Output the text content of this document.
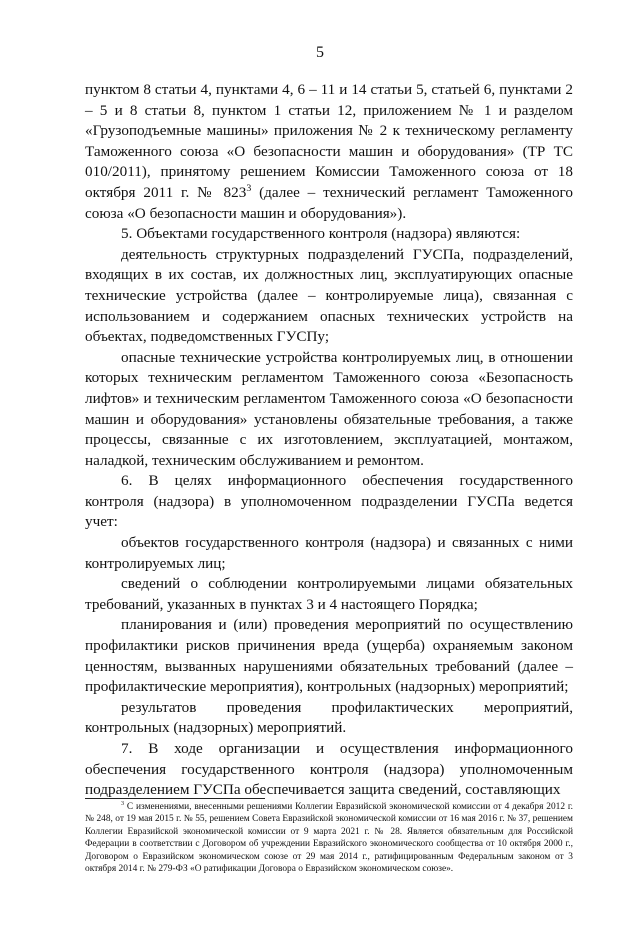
5

пунктом 8 статьи 4, пунктами 4, 6 – 11 и 14 статьи 5, статьей 6, пунктами 2 – 5 и 8 статьи 8, пунктом 1 статьи 12, приложением № 1 и разделом «Грузоподъемные машины» приложения № 2 к техническому регламенту Таможенного союза «О безопасности машин и оборудования» (ТР ТС 010/2011), принятому решением Комиссии Таможенного союза от 18 октября 2011 г. № $823^3$ (далее – технический регламент Таможенного союза «О безопасности машин и оборудования»).

5. Объектами государственного контроля (надзора) являются:

деятельность структурных подразделений ГУСПа, подразделений, входящих в их состав, их должностных лиц, эксплуатирующих опасные технические устройства (далее – контролируемые лица), связанная с использованием и содержанием опасных технических устройств на объектах, подведомственных ГУСПу;

опасные технические устройства контролируемых лиц, в отношении которых техническим регламентом Таможенного союза «Безопасность лифтов» и техническим регламентом Таможенного союза «О безопасности машин и оборудования» установлены обязательные требования, а также процессы, связанные с их изготовлением, эксплуатацией, монтажом, наладкой, техническим обслуживанием и ремонтом.

6. В целях информационного обеспечения государственного контроля (надзора) в уполномоченном подразделении ГУСПа ведется учет:

объектов государственного контроля (надзора) и связанных с ними контролируемых лиц;

сведений о соблюдении контролируемыми лицами обязательных требований, указанных в пунктах 3 и 4 настоящего Порядка;

планирования и (или) проведения мероприятий по осуществлению профилактики рисков причинения вреда (ущерба) охраняемым законом ценностям, вызванных нарушениями обязательных требований (далее – профилактические мероприятия), контрольных (надзорных) мероприятий;

результатов проведения профилактических мероприятий, контрольных (надзорных) мероприятий.

7. В ходе организации и осуществления информационного обеспечения государственного контроля (надзора) уполномоченным подразделением ГУСПа обеспечивается защита сведений, составляющих

$^3$ С изменениями, внесенными решениями Коллегии Евразийской экономической комиссии от 4 декабря 2012 г. № 248, от 19 мая 2015 г. № 55, решением Совета Евразийской экономической комиссии от 16 мая 2016 г. № 37, решением Коллегии Евразийской экономической комиссии от 9 марта 2021 г. № 28. Является обязательным для Российской Федерации в соответствии с Договором об учреждении Евразийского экономического сообщества от 10 октября 2000 г., Договором о Евразийском экономическом союзе от 29 мая 2014 г., ратифицированным Федеральным законом от 3 октября 2014 г. № 279-ФЗ «О ратификации Договора о Евразийском экономическом союзе».
